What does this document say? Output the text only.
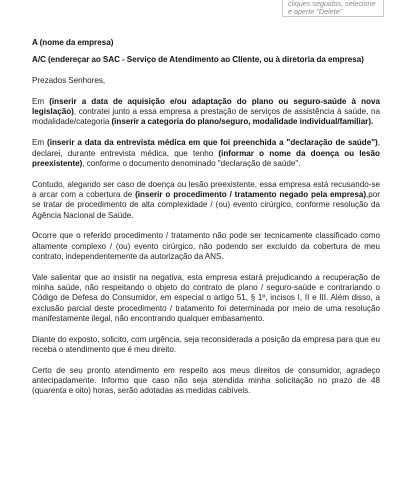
cliques seguidos, selecione e aperte "Delete"

A (nome da empresa)

A/C (endereçar ao SAC - Serviço de Atendimento ao Cliente, ou à diretoria da empresa)

Prezados Senhores,

Em (inserir a data de aquisição e/ou adaptação do plano ou seguro-saúde à nova legislação), contratei junto a essa empresa a prestação de serviços de assistência à saúde, na modalidade/categoria (inserir a categoria do plano/seguro, modalidade individual/familiar).

Em (inserir a data da entrevista médica em que foi preenchida a "declaração de saúde"), declarei, durante entrevista médica, que tenho (informar o nome da doença ou lesão preexistente), conforme o documento denominado "declaração de saúde".

Contudo, alegando ser caso de doença ou lesão preexistente, essa empresa está recusando-se a arcar com a cobertura de (inserir o procedimento / tratamento negado pela empresa),por se tratar de procedimento de alta complexidade / (ou) evento cirúrgico, conforme resolução da Agência Nacional de Saúde.

Ocorre que o referido procedimento / tratamento não pode ser tecnicamente classificado como altamente complexo / (ou) evento cirúrgico, não podendo ser excluído da cobertura de meu contrato, independentemente da autorização da ANS.

Vale salientar que ao insistir na negativa, esta empresa estará prejudicando a recuperação de minha saúde, não respeitando o objeto do contrato de plano / seguro-saúde e contrariando o Código de Defesa do Consumidor, em especial o artigo 51, § 1º, incisos I, II e III. Além disso, a exclusão parcial deste procedimento / tratamento foi determinada por meio de uma resolução manifestamente ilegal, não encontrando qualquer embasamento.

Diante do exposto, solicito, com urgência, seja reconsiderada a posição da empresa para que eu receba o atendimento que é meu direito.

Certo de seu pronto atendimento em respeito aos meus direitos de consumidor, agradeço antecipadamente. Informo que caso não seja atendida minha solicitação no prazo de 48 (quarenta e oito) horas, serão adotadas as medidas cabíveis.
